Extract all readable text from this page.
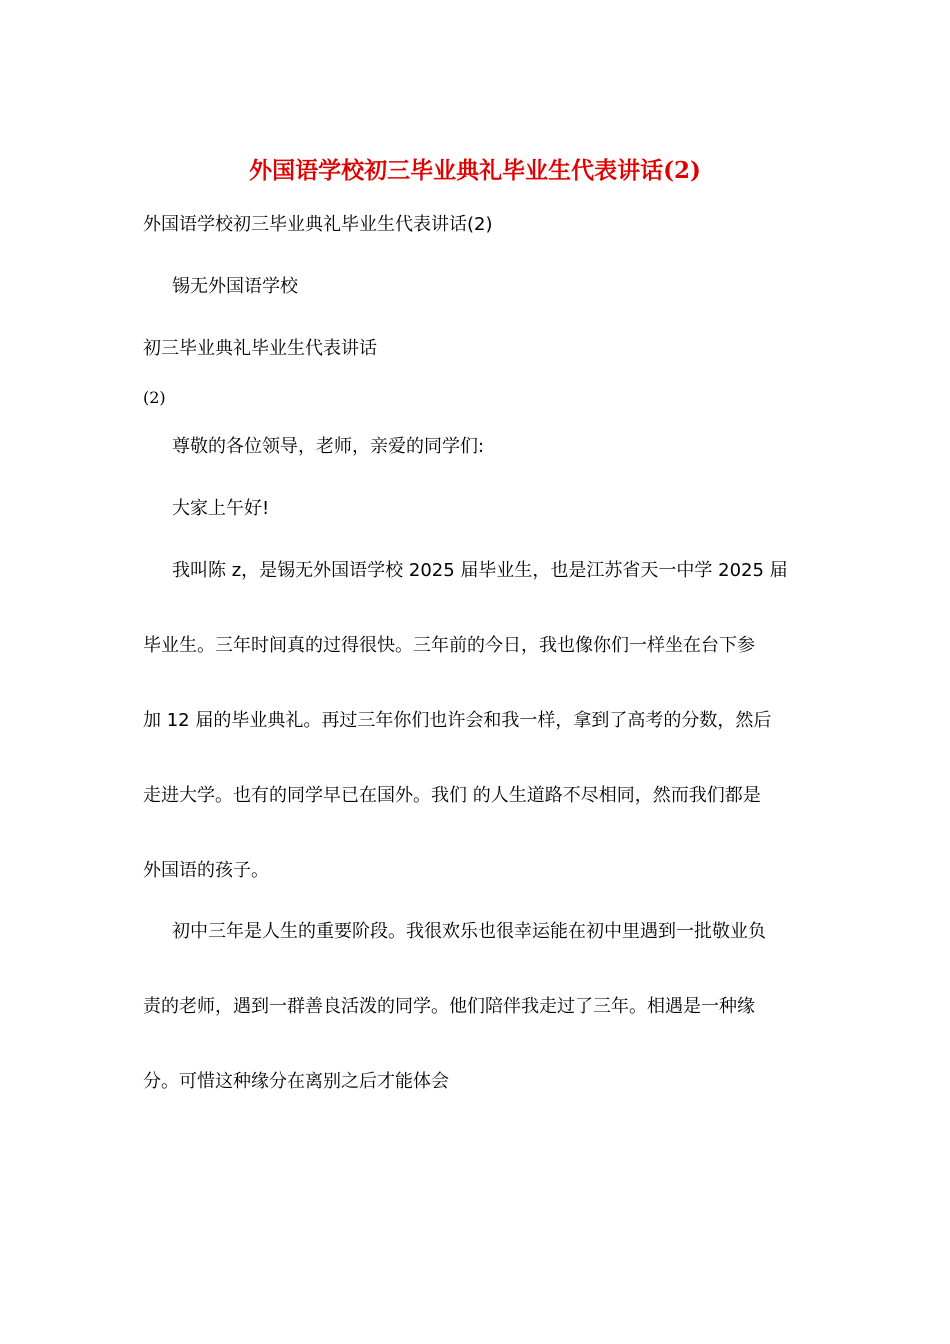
外国语学校初三毕业典礼毕业生代表讲话(2)
外国语学校初三毕业典礼毕业生代表讲话(2)
锡无外国语学校
初三毕业典礼毕业生代表讲话
(2)
尊敬的各位领导，老师，亲爱的同学们:
大家上午好!
我叫陈 z，是锡无外国语学校 2025 届毕业生，也是江苏省天一中学 2025 届
毕业生。三年时间真的过得很快。三年前的今日，我也像你们一样坐在台下参
加 12 届的毕业典礼。再过三年你们也许会和我一样，拿到了高考的分数，然后
走进大学。也有的同学早已在国外。我们 的人生道路不尽相同，然而我们都是
外国语的孩子。
初中三年是人生的重要阶段。我很欢乐也很幸运能在初中里遇到一批敬业负
责的老师，遇到一群善良活泼的同学。他们陪伴我走过了三年。相遇是一种缘
分。可惜这种缘分在离别之后才能体会
